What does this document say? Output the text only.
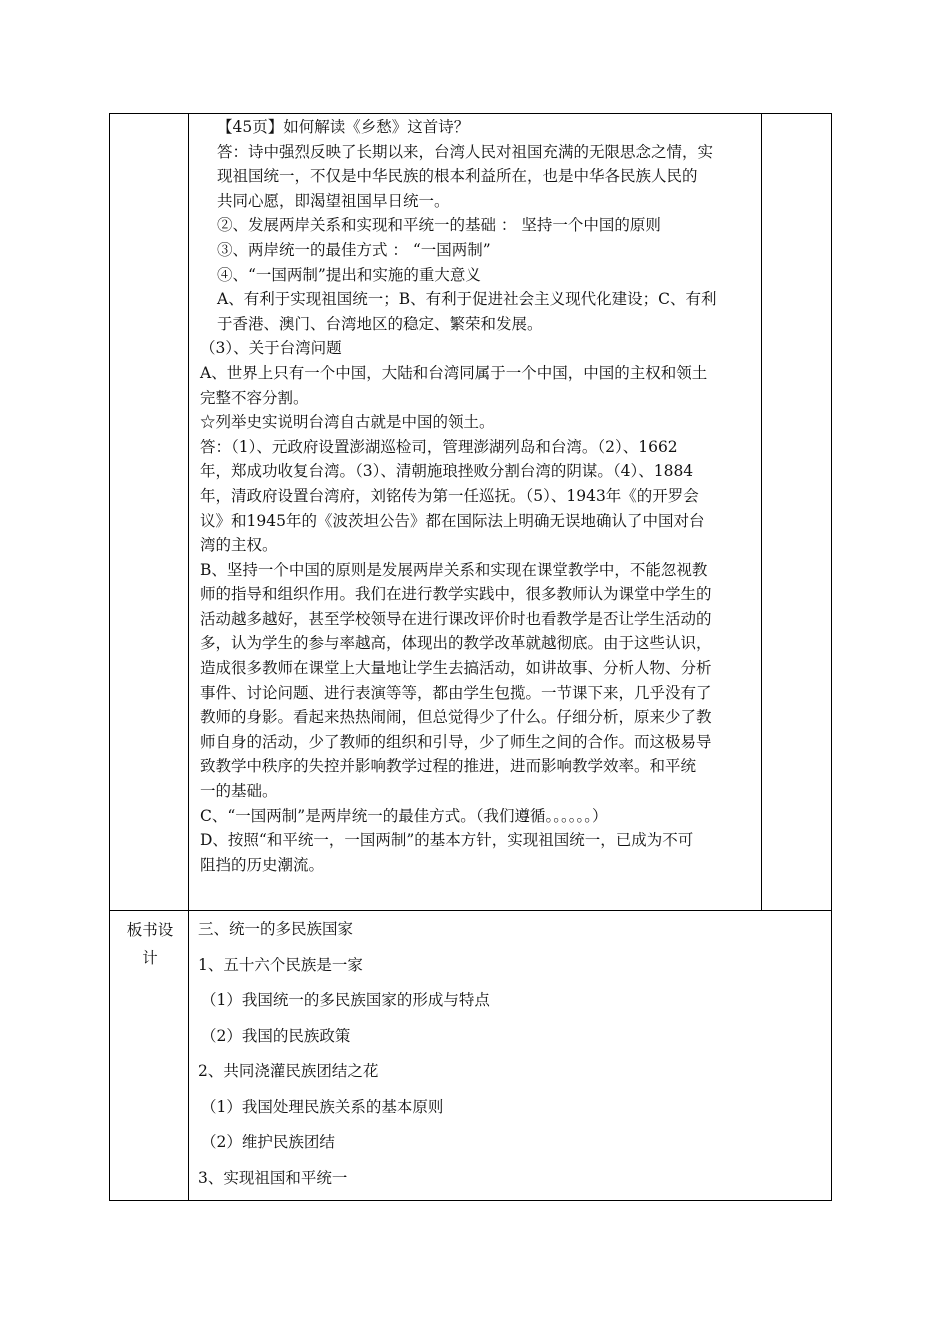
【45页】如何解读《乡愁》这首诗？
答：诗中强烈反映了长期以来，台湾人民对祖国充满的无限思念之情，实
现祖国统一，不仅是中华民族的根本利益所在，也是中华各民族人民的
共同心愿，即渴望祖国早日统一。
②、发展两岸关系和实现和平统一的基础 ： 坚持一个中国的原则
③、两岸统一的最佳方式 ： “一国两制”
④、“一国两制”提出和实施的重大意义
A、有利于实现祖国统一；B、有利于促进社会主义现代化建设；C、有利
于香港、澳门、台湾地区的稳定、繁荣和发展。
（3）、关于台湾问题
A、世界上只有一个中国，大陆和台湾同属于一个中国，中国的主权和领土
完整不容分割。
☆列举史实说明台湾自古就是中国的领土。
答：（1）、元政府设置澎湖巡检司，管理澎湖列岛和台湾。（2）、1662
年，郑成功收复台湾。（3）、清朝施琅挫败分割台湾的阴谋。（4）、1884
年，清政府设置台湾府，刘铭传为第一任巡抚。（5）、1943年《的开罗会
议》和1945年的《波茨坦公告》都在国际法上明确无误地确认了中国对台
湾的主权。
B、坚持一个中国的原则是发展两岸关系和实现在课堂教学中，不能忽视教
师的指导和组织作用。我们在进行教学实践中，很多教师认为课堂中学生的
活动越多越好，甚至学校领导在进行课改评价时也看教学是否让学生活动的
多，认为学生的参与率越高，体现出的教学改革就越彻底。由于这些认识，
造成很多教师在课堂上大量地让学生去搞活动，如讲故事、分析人物、分析
事件、讨论问题、进行表演等等，都由学生包揽。一节课下来，几乎没有了
教师的身影。看起来热热闹闹，但总觉得少了什么。仔细分析，原来少了教
师自身的活动，少了教师的组织和引导，少了师生之间的合作。而这极易导
致教学中秩序的失控并影响教学过程的推进，进而影响教学效率。和平统
一的基础。
C、“一国两制”是两岸统一的最佳方式。（我们遵循。。。。。。）
D、按照“和平统一，一国两制”的基本方针，实现祖国统一，已成为不可
阻挡的历史潮流。
板书设
计
三、统一的多民族国家
1、五十六个民族是一家
（1）我国统一的多民族国家的形成与特点
（2）我国的民族政策
2、共同浇灌民族团结之花
（1）我国处理民族关系的基本原则
（2）维护民族团结
3、实现祖国和平统一
